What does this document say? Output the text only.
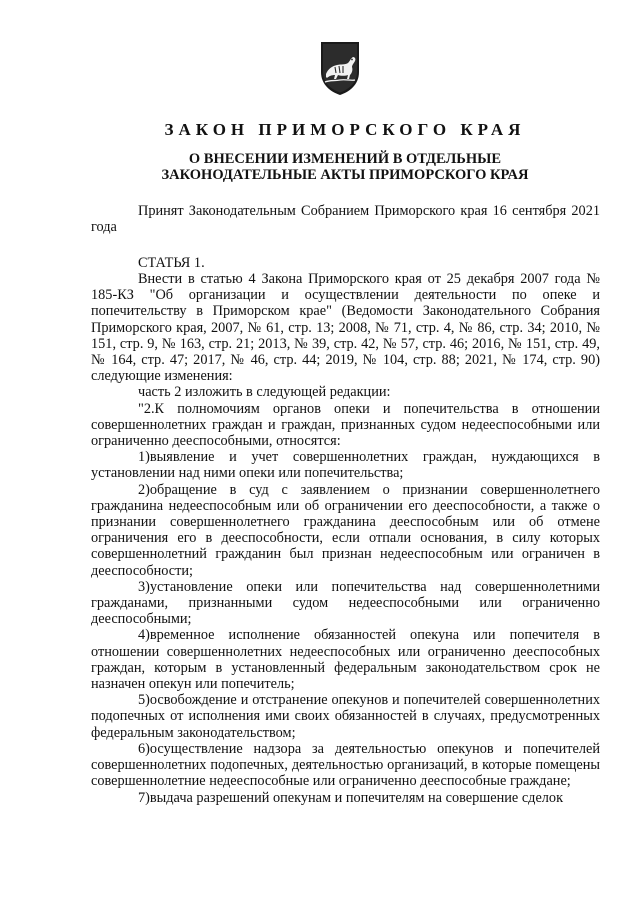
ЗАКОН ПРИМОРСКОГО КРАЯ
О ВНЕСЕНИИ ИЗМЕНЕНИЙ В ОТДЕЛЬНЫЕ
ЗАКОНОДАТЕЛЬНЫЕ АКТЫ ПРИМОРСКОГО КРАЯ

Принят Законодательным Собранием Приморского края 16 сентября 2021 года

СТАТЬЯ 1.

Внести в статью 4 Закона Приморского края от 25 декабря 2007 года № 185-КЗ "Об организации и осуществлении деятельности по опеке и попечительству в Приморском крае" (Ведомости Законодательного Собрания Приморского края, 2007, № 61, стр. 13; 2008, № 71, стр. 4, № 86, стр. 34; 2010, № 151, стр. 9, № 163, стр. 21; 2013, № 39, стр. 42, № 57, стр. 46; 2016, № 151, стр. 49, № 164, стр. 47; 2017, № 46, стр. 44; 2019, № 104, стр. 88; 2021, № 174, стр. 90) следующие изменения:

часть 2 изложить в следующей редакции:

"2.К полномочиям органов опеки и попечительства в отношении совершеннолетних граждан и граждан, признанных судом недееспособными или ограниченно дееспособными, относятся:

1)выявление и учет совершеннолетних граждан, нуждающихся в установлении над ними опеки или попечительства;

2)обращение в суд с заявлением о признании совершеннолетнего гражданина недееспособным или об ограничении его дееспособности, а также о признании совершеннолетнего гражданина дееспособным или об отмене ограничения его в дееспособности, если отпали основания, в силу которых совершеннолетний гражданин был признан недееспособным или ограничен в дееспособности;

3)установление опеки или попечительства над совершеннолетними гражданами, признанными судом недееспособными или ограниченно дееспособными;

4)временное исполнение обязанностей опекуна или попечителя в отношении совершеннолетних недееспособных или ограниченно дееспособных граждан, которым в установленный федеральным законодательством срок не назначен опекун или попечитель;

5)освобождение и отстранение опекунов и попечителей совершеннолетних подопечных от исполнения ими своих обязанностей в случаях, предусмотренных федеральным законодательством;

6)осуществление надзора за деятельностью опекунов и попечителей совершеннолетних подопечных, деятельностью организаций, в которые помещены совершеннолетние недееспособные или ограниченно дееспособные граждане;

7)выдача разрешений опекунам и попечителям на совершение сделок
